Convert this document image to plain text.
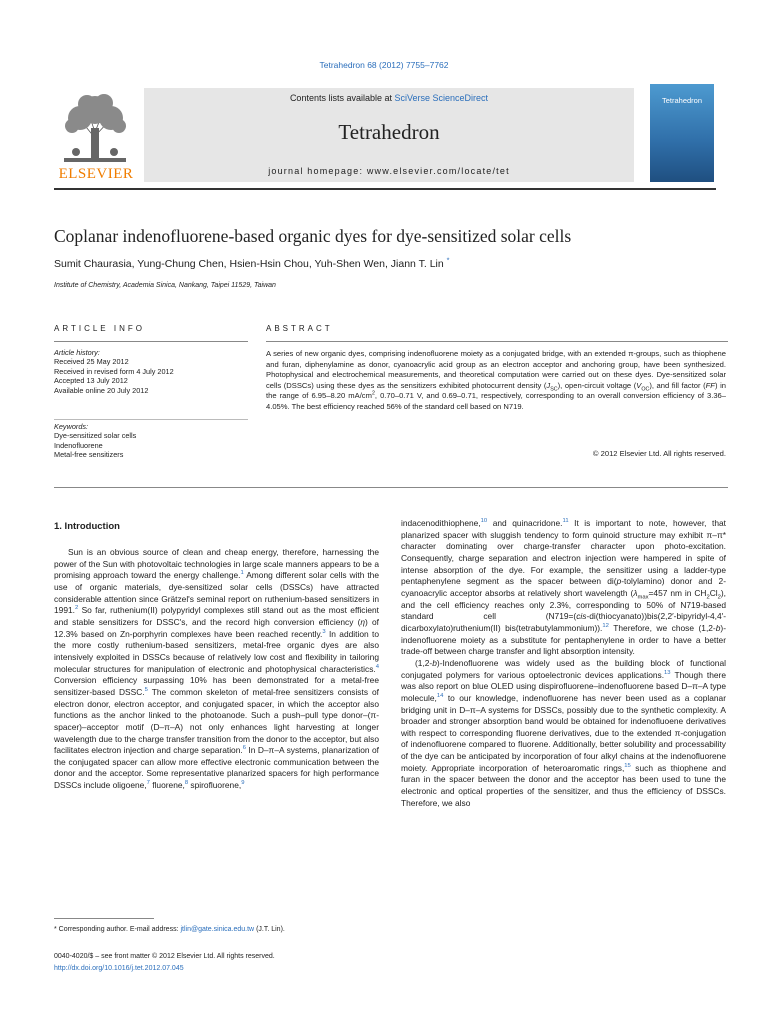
Tetrahedron 68 (2012) 7755–7762
ELSEVIER
Contents lists available at SciVerse ScienceDirect
Tetrahedron
journal homepage: www.elsevier.com/locate/tet
Tetrahedron
Coplanar indenofluorene-based organic dyes for dye-sensitized solar cells
Sumit Chaurasia, Yung-Chung Chen, Hsien-Hsin Chou, Yuh-Shen Wen, Jiann T. Lin *
Institute of Chemistry, Academia Sinica, Nankang, Taipei 11529, Taiwan
ARTICLE INFO	ABSTRACT
Article history:
Received 25 May 2012
Received in revised form 4 July 2012
Accepted 13 July 2012
Available online 20 July 2012
Keywords:
Dye-sensitized solar cells
Indenofluorene
Metal-free sensitizers
A series of new organic dyes, comprising indenofluorene moiety as a conjugated bridge, with an extended π-groups, such as thiophene and furan, diphenylamine as donor, cyanoacrylic acid group as an electron acceptor and anchoring group, have been synthesized. Photophysical and electrochemical measurements, and theoretical computation were carried out on these dyes. Dye-sensitized solar cells (DSSCs) using these dyes as the sensitizers exhibited photocurrent density $(J_{SC})$, open-circuit voltage $(V_{OC})$, and fill factor (FF) in the range of 6.95–8.20 $mA/cm^2$, 0.70–0.71 V, and 0.69–0.71, respectively, corresponding to an overall conversion efficiency of 3.36–4.05%. The best efficiency reached 56% of the standard cell based on N719.
© 2012 Elsevier Ltd. All rights reserved.
1. Introduction

Sun is an obvious source of clean and cheap energy, therefore, harnessing the power of the Sun with photovoltaic technologies in large scale manners appears to be a promising approach toward the energy challenge.$^1$ Among different solar cells with the use of organic materials, dye-sensitized solar cells (DSSCs) have attracted considerable attention since Grätzel's seminal report on ruthenium-based sensitizers in 1991.$^2$ So far, ruthenium(II) polypyridyl complexes still stand out as the most efficient and stable sensitizers for DSSC's, and the record high conversion efficiency (η) of 12.3% based on Zn-porphyrin complexes have been reached recently.$^3$ In addition to the more costly ruthenium-based sensitizers, metal-free organic dyes are also intensively exploited in DSSCs because of relatively low cost and flexibility in tailoring molecular structures for manipulation of electronic and photophysical characteristics.$^4$ Conversion efficiency surpassing 10% has been demonstrated for a metal-free sensitizer-based DSSC.$^5$ The common skeleton of metal-free sensitizers consists of electron donor, electron acceptor, and conjugated spacer, in which the acceptor also functions as the anchor linked to the photoanode. Such a push–pull type donor–(π-spacer)–acceptor motif (D–π–A) not only enhances light harvesting at longer wavelength due to the charge transfer transition from the donor to the acceptor, but also facilitates electron injection and charge separation.$^6$ In D–π–A systems, planarization of the conjugated spacer can allow more effective electronic communication between the donor and the acceptor. Some representative planarized spacers for high performance DSSCs include oligoene,$^7$ fluorene,$^8$ spirofluorene,$^9$

indacenodithiophene,$^{10}$ and quinacridone.$^{11}$ It is important to note, however, that planarized spacer with sluggish tendency to form quinoid structure may exhibit π–π* character dominating over charge-transfer character upon photo-excitation. Consequently, charge separation and electron injection were hampered in spite of intense absorption of the dye. For example, the sensitizer using a ladder-type pentaphenylene segment as the spacer between di(p-tolylamino) donor and 2-cyanoacrylic acceptor absorbs at relatively short wavelength ($\lambda_{max}=457$ nm in $CH_2Cl_2$), and the cell efficiency reaches only 2.3%, corresponding to 50% of N719-based standard cell (N719=(cis-di(thiocyanato))bis(2,2′-bipyridyl-4,4′-dicarboxylato)ruthenium(II) bis(tetrabutylammonium)).$^{12}$ Therefore, we chose (1,2-b)-indenofluorene moiety as a substitute for pentaphenylene in order to have a better trade-off between charge transfer and light absorption intensity.

(1,2-b)-Indenofluorene was widely used as the building block of functional conjugated polymers for various optoelectronic devices applications.$^{13}$ Though there was also report on blue OLED using dispirofluorene–indenofluorene based D–π–A type molecule,$^{14}$ to our knowledge, indenofluorene has never been used as a coplanar bridging unit in D–π–A systems for DSSCs, possibly due to the synthetic complexity. A broader and stronger absorption band would be obtained for indenofluoene derivatives with respect to corresponding fluorene derivatives, due to the extended π-conjugation of indenofluorene compared to fluorene. Additionally, better solubility and processability of the dye can be anticipated by incorporation of four alkyl chains at the indenofluorene moiety. Appropriate incorporation of heteroaromatic rings,$^{15}$ such as thiophene and furan in the spacer between the donor and the acceptor has been used to tune the electronic and optical properties of the sensitizer, and thus the efficiency of DSSCs. Therefore, we also

* Corresponding author. E-mail address: jtlin@gate.sinica.edu.tw (J.T. Lin).
0040-4020/$ – see front matter © 2012 Elsevier Ltd. All rights reserved.
http://dx.doi.org/10.1016/j.tet.2012.07.045
